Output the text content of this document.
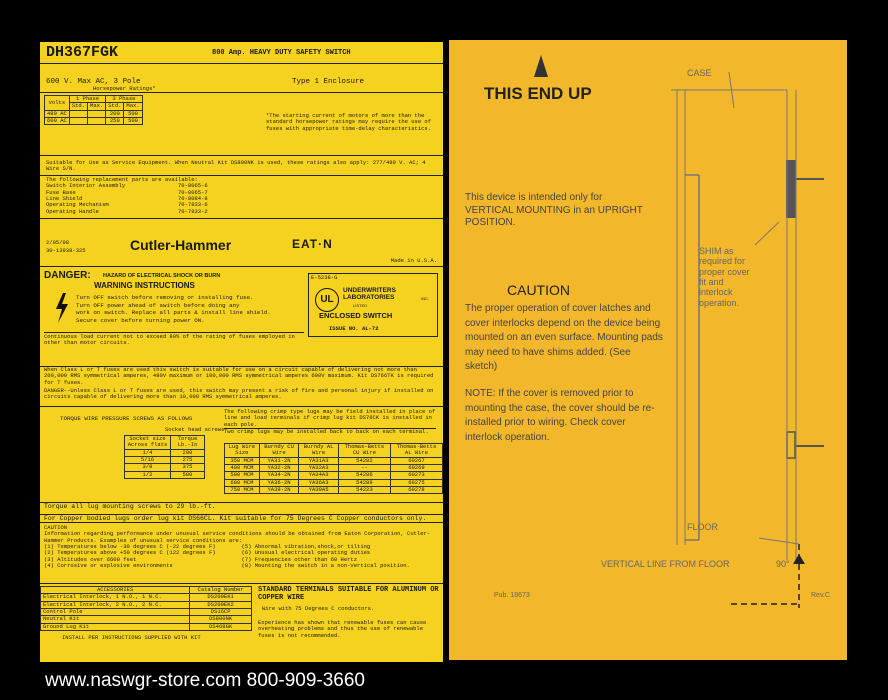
DH367FGK	800 Amp. HEAVY DUTY SAFETY SWITCH
600 V. Max AC, 3 Pole	Type 1 Enclosure
Volts	1 Phase		3 Phase	
	Std.	Max.	Std.	Max.
480 AC			200	500
600 AC			250	500
Horsepower Ratings*
*The starting current of motors of more than the standard horsepower ratings may require the use of fuses with appropriate time-delay characteristics.
Suitable for Use as Service Equipment. When Neutral Kit DS800NK is used, these ratings also apply: 277/480 V. AC; 4 Wire S/N.
The following replacement parts are available:
Switch Interior Assembly	70-8065-6
Fuse Base	70-8065-7
Line Shield	70-8084-8
Operating Mechanism	70-7833-6
Operating Handle	70-7833-2
2/05/98
30-13938-325	Cutler-Hammer	EAT·N
Made in U.S.A.
DANGER: HAZARD OF ELECTRICAL SHOCK OR BURN
WARNING INSTRUCTIONS
Turn OFF switch before removing or installing fuse.
Turn OFF power ahead of switch before doing any
work on switch. Replace all parts & install line shield.
Secure cover before turning power ON.
E-5238-G
UL
UNDERWRITERS LABORATORIES	INC.
LISTED
ENCLOSED SWITCH
ISSUE NO. AL-72
Continuous load current not to exceed 80% of the rating of fuses employed in other than motor circuits.
When Class L or T fuses are used this switch is suitable for use on a circuit capable of delivering not more than 200,000 RMS symmetrical amperes, 480V maximum or 100,000 RMS symmetrical amperes 600V maximum. Kit DS766TK is required for T fuses.
DANGER--Unless Class L or T fuses are used, this switch may present a risk of fire and personal injury if installed on circuits capable of delivering more than 10,000 RMS symmetrical amperes.
TORQUE WIRE PRESSURE SCREWS AS FOLLOWS
Socket head screws
Socket size Across flats	Torque Lb.-In
1/4	200
5/16	275
3/8	375
1/2	500
The following crimp type lugs may be field installed in place of line and load terminals if crimp lug kit DS76CK is installed in each pole.
Two crimp lugs may be installed back to back on each terminal.
Lug Wire Size	Burndy CU Wire	Burndy AL Wire	Thomas-Betts CU Wire	Thomas-Betts AL Wire
350 MCM	YA31-2N	YA31A3	54282	60267
400 MCM	YA32-2N	YA32A3	--	60269
500 MCM	YA34-2N	YA34A3	54286	60273
600 MCM	YA36-2N	YA36A3	54289	60275
750 MCM	YA39-2N	YA39A5	54223	60278
Torque all lug mounting screws to 29 lb.-ft.
For Copper bodied lugs order lug kit DS66CL. Kit suitable for 75 Degrees C Copper conductors only.
CAUTION
Information regarding performance under unusual service conditions should be obtained from Eaton Corporation, Cutler-Hammer Products. Examples of unusual service conditions are:
(1) Temperatures below -30 degrees C (-22 degrees F)	(5) Abnormal vibration,shock,or tilting
(2) Temperatures above +50 degrees C (122 degrees F)	(6) Unusual electrical operating duties
(3) Altitudes over 6600 feet	(7) Frequencies other than 60 Hertz
(4) Corrosive or explosive environments	(8) Mounting the switch in a non-Vertical position.
ACCESSORIES	Catalog Number
Electrical Interlock, 1 N.O., 1 N.C.	DS200EK1
Electrical Interlock, 2 N.O., 2 N.C.	DS200EK2
Control Pole	DS16CP
Neutral Kit	DS800NK
Ground Lug Kit	DS468GK
STANDARD TERMINALS SUITABLE FOR ALUMINUM OR COPPER WIRE
Wire with 75 Degrees C conductors.
Experience has shown that renewable fuses can cause overheating problems and thus the use of renewable fuses is not recommended.
INSTALL PER INSTRUCTIONS SUPPLIED WITH KIT
THIS END UP
This device is intended only for VERTICAL MOUNTING in an UPRIGHT POSITION.
CAUTION
The proper operation of cover latches and cover interlocks depend on the device being mounted on an even surface. Mounting pads may need to have shims added. (See sketch)
NOTE: If the cover is removed prior to mounting the case, the cover should be re-installed prior to wiring. Check cover interlock operation.
CASE
SHIM as required for proper cover fit and interlock operation.
FLOOR
VERTICAL LINE FROM FLOOR	90°
Pub. 18673	Rev.C
www.naswgr-store.com 800-909-3660
